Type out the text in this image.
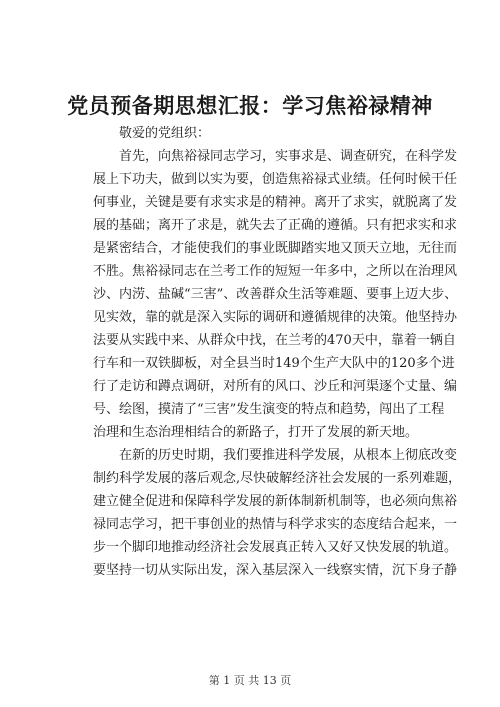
党员预备期思想汇报：学习焦裕禄精神
敬爱的党组织：
首先，向焦裕禄同志学习，实事求是、调查研究，在科学发
展上下功夫，做到以实为要，创造焦裕禄式业绩。任何时候干任
何事业，关键是要有求实求是的精神。离开了求实，就脱离了发
展的基础；离开了求是，就失去了正确的遵循。只有把求实和求
是紧密结合，才能使我们的事业既脚踏实地又顶天立地，无往而
不胜。焦裕禄同志在兰考工作的短短一年多中，之所以在治理风
沙、内涝、盐碱“三害”、改善群众生活等难题、要事上迈大步、
见实效，靠的就是深入实际的调研和遵循规律的决策。他坚持办
法要从实践中来、从群众中找，在兰考的470天中，靠着一辆自
行车和一双铁脚板，对全县当时149个生产大队中的120多个进
行了走访和蹲点调研，对所有的风口、沙丘和河渠逐个丈量、编
号、绘图，摸清了“三害”发生演变的特点和趋势，闯出了工程
治理和生态治理相结合的新路子，打开了发展的新天地。
在新的历史时期，我们要推进科学发展，从根本上彻底改变
制约科学发展的落后观念,尽快破解经济社会发展的一系列难题，
建立健全促进和保障科学发展的新体制新机制等，也必须向焦裕
禄同志学习，把干事创业的热情与科学求实的态度结合起来，一
步一个脚印地推动经济社会发展真正转入又好又快发展的轨道。
要坚持一切从实际出发，深入基层深入一线察实情，沉下身子静
第 1 页 共 13 页
